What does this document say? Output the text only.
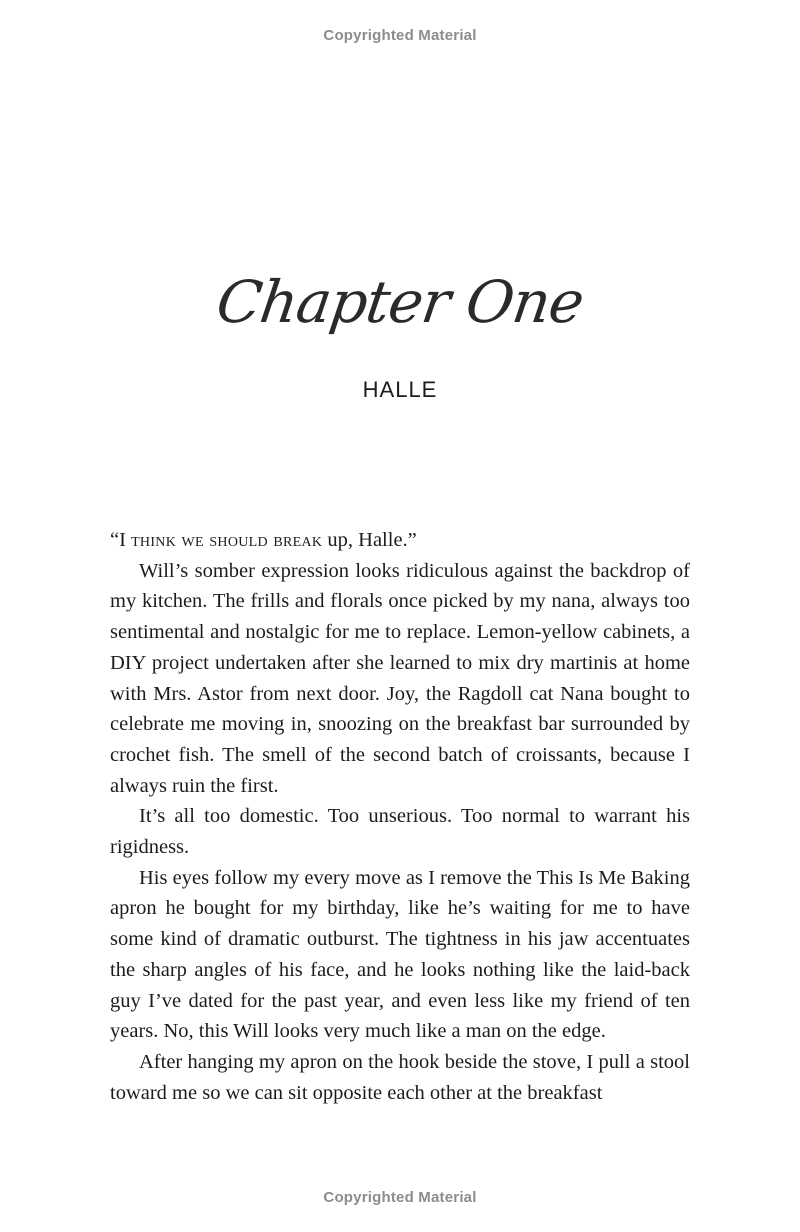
Copyrighted Material
Chapter One
HALLE

“I think we should break up, Halle.”

Will’s somber expression looks ridiculous against the backdrop of my kitchen. The frills and florals once picked by my nana, always too sentimental and nostalgic for me to replace. Lemon-yellow cabinets, a DIY project undertaken after she learned to mix dry martinis at home with Mrs. Astor from next door. Joy, the Ragdoll cat Nana bought to celebrate me moving in, snoozing on the breakfast bar surrounded by crochet fish. The smell of the second batch of croissants, because I always ruin the first.

It’s all too domestic. Too unserious. Too normal to warrant his rigidness.

His eyes follow my every move as I remove the This Is Me Baking apron he bought for my birthday, like he’s waiting for me to have some kind of dramatic outburst. The tightness in his jaw accentuates the sharp angles of his face, and he looks nothing like the laid-back guy I’ve dated for the past year, and even less like my friend of ten years. No, this Will looks very much like a man on the edge.

After hanging my apron on the hook beside the stove, I pull a stool toward me so we can sit opposite each other at the breakfast

Copyrighted Material
